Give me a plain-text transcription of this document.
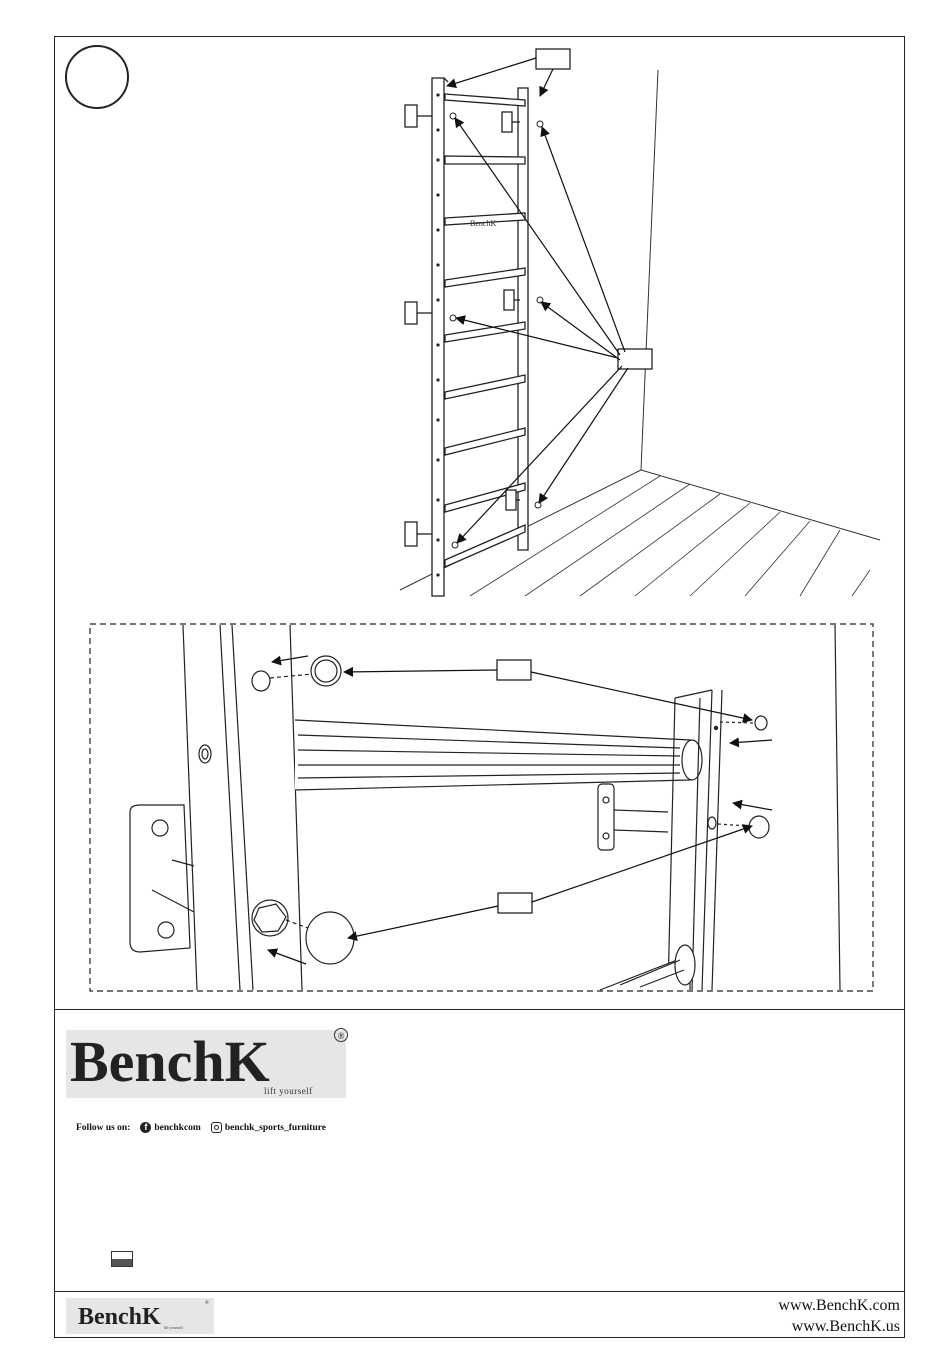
BenchK
BenchK	®
lift yourself
Follow us on:	f benchkcom	benchk_sports_furniture
BenchK lift yourself
®	www.BenchK.com
www.BenchK.us
